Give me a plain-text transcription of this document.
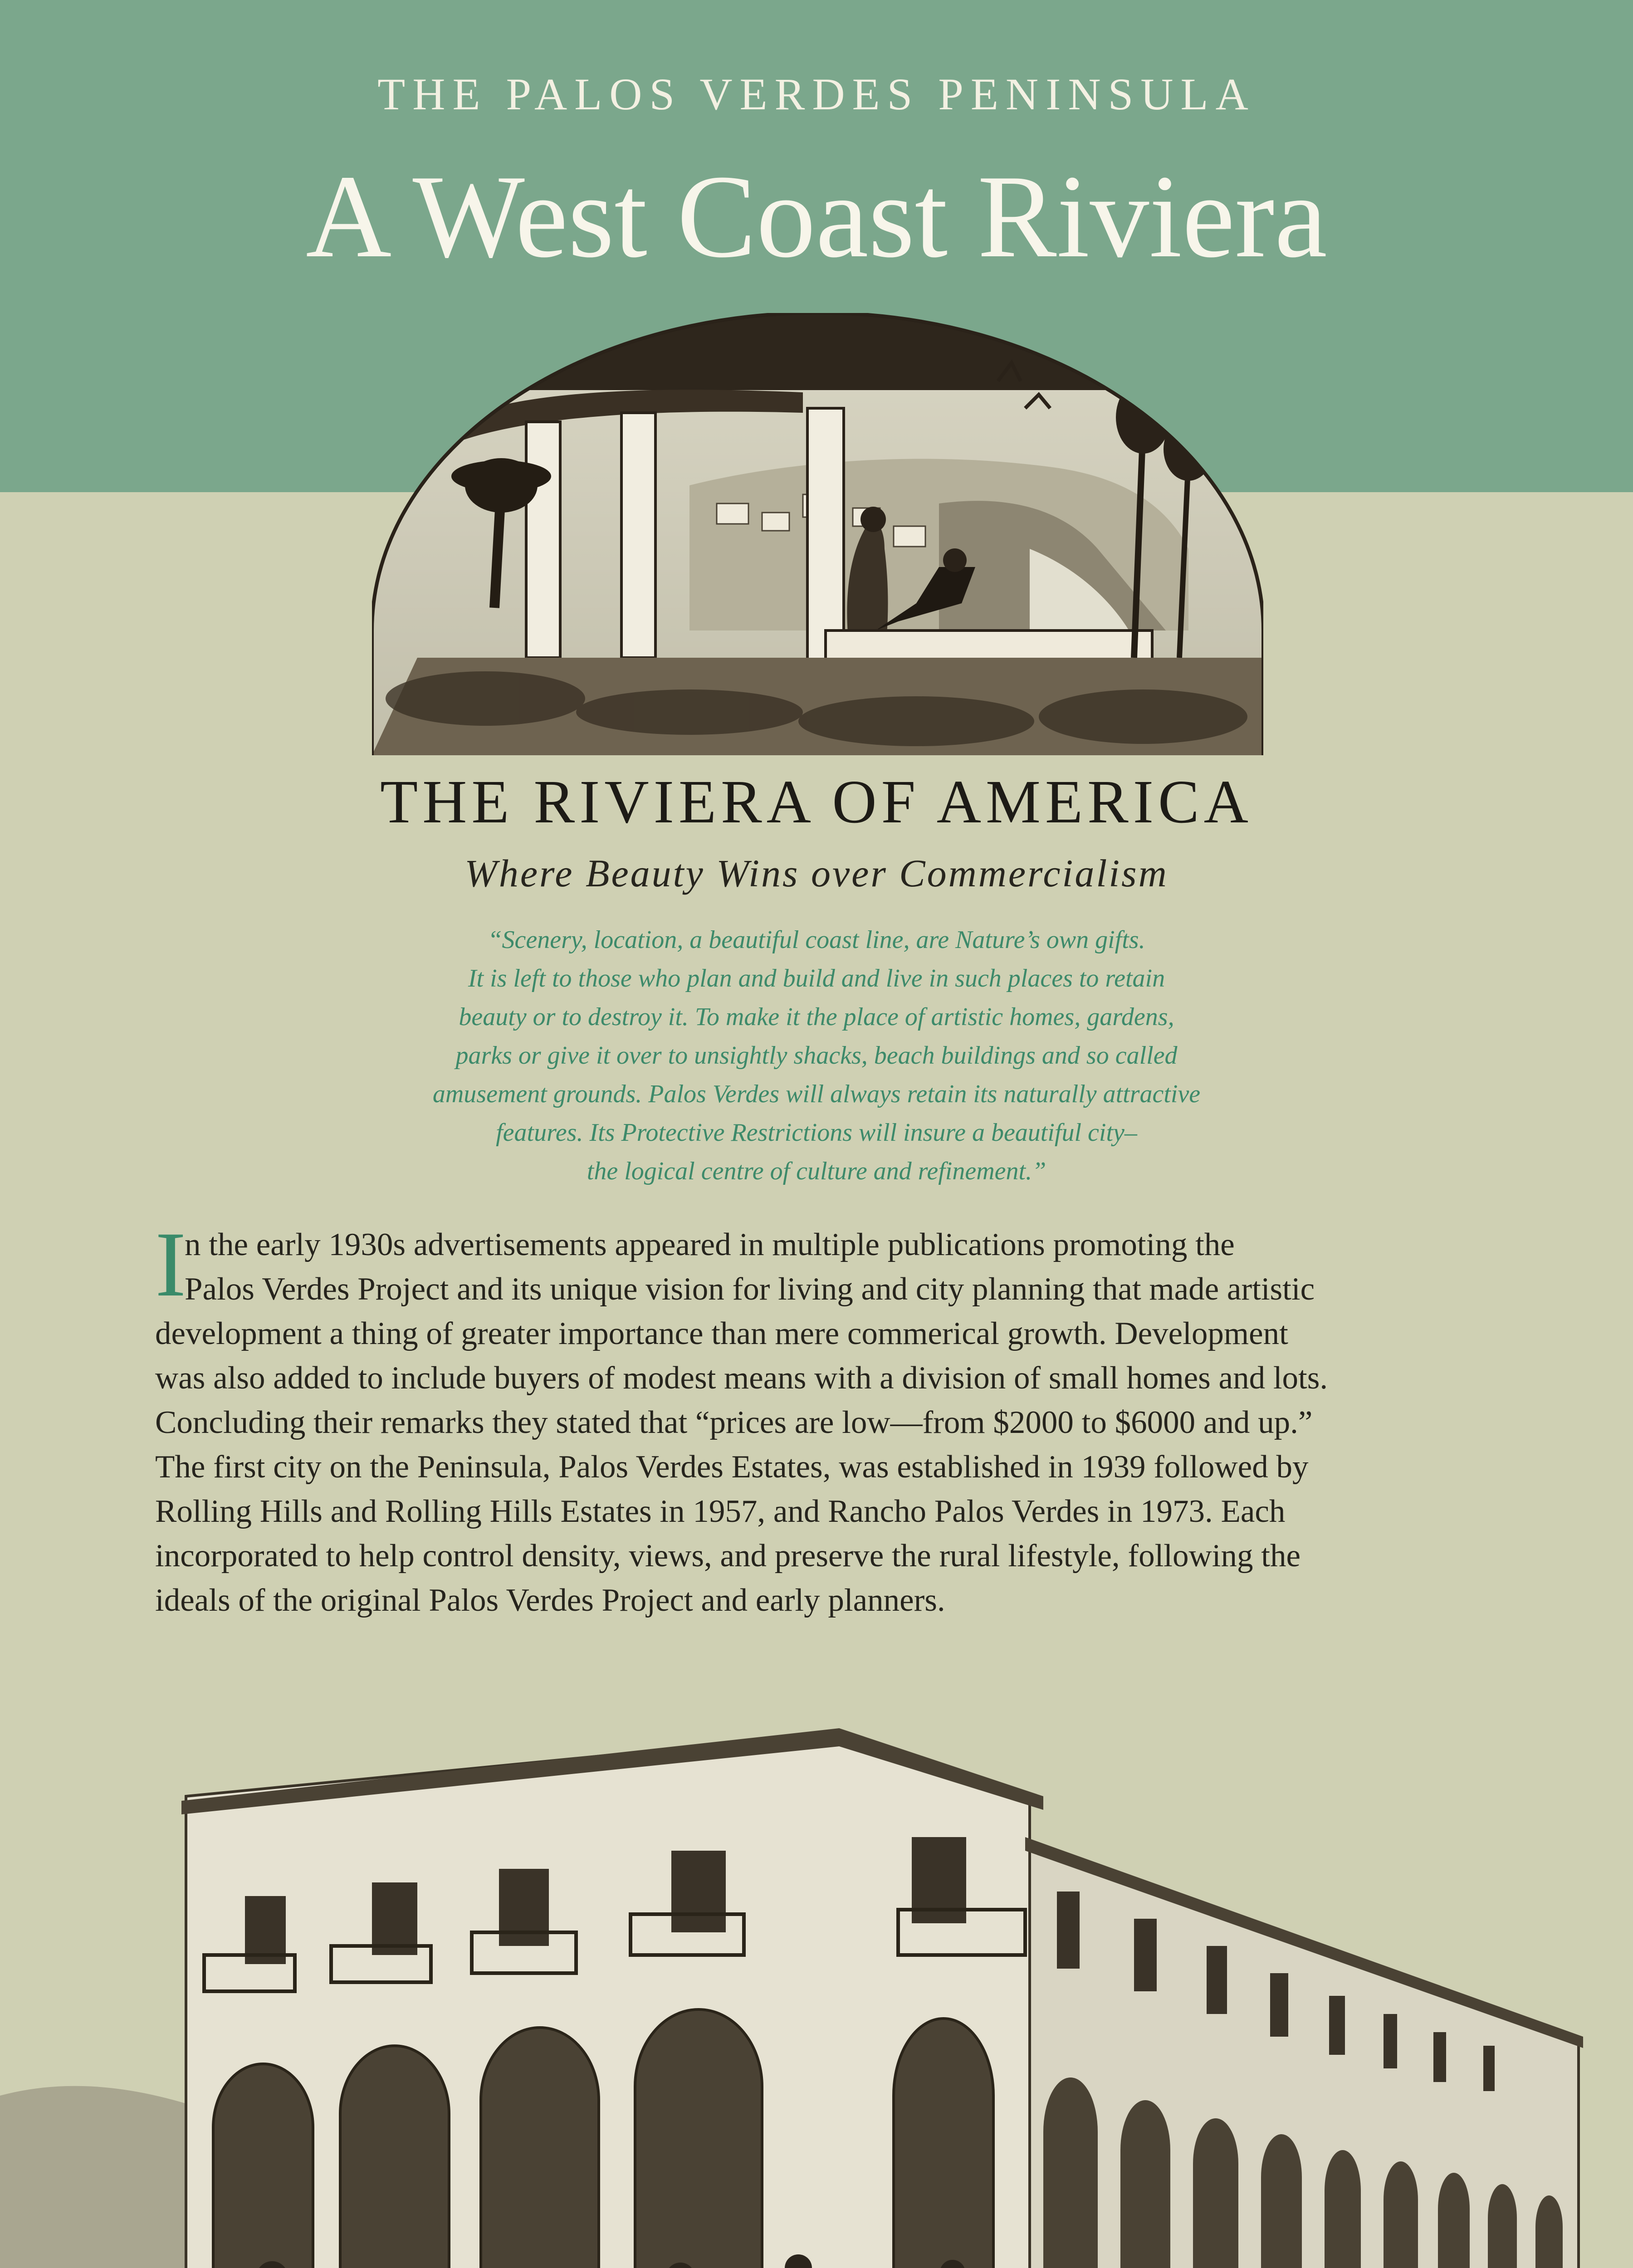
THE PALOS VERDES PENINSULA
A West Coast Riviera
THE RIVIERA OF AMERICA
Where Beauty Wins over Commercialism
“Scenery, location, a beautiful coast line, are Nature’s own gifts.
It is left to those who plan and build and live in such places to retain
beauty or to destroy it. To make it the place of artistic homes, gardens,
parks or give it over to unsightly shacks, beach buildings and so called
amusement grounds. Palos Verdes will always retain its naturally attractive
features. Its Protective Restrictions will insure a beautiful city–
the logical centre of culture and refinement.”
I
n the early 1930s advertisements appeared in multiple publications promoting the
Palos Verdes Project and its unique vision for living and city planning that made artistic
development a thing of greater importance than mere commerical growth. Development
was also added to include buyers of modest means with a division of small homes and lots.
Concluding their remarks they stated that “prices are low—from $2000 to $6000 and up.”
The first city on the Peninsula, Palos Verdes Estates, was established in 1939 followed by
Rolling Hills and Rolling Hills Estates in 1957, and Rancho Palos Verdes in 1973. Each
incorporated to help control density, views, and preserve the rural lifestyle, following the
ideals of the original Palos Verdes Project and early planners.
